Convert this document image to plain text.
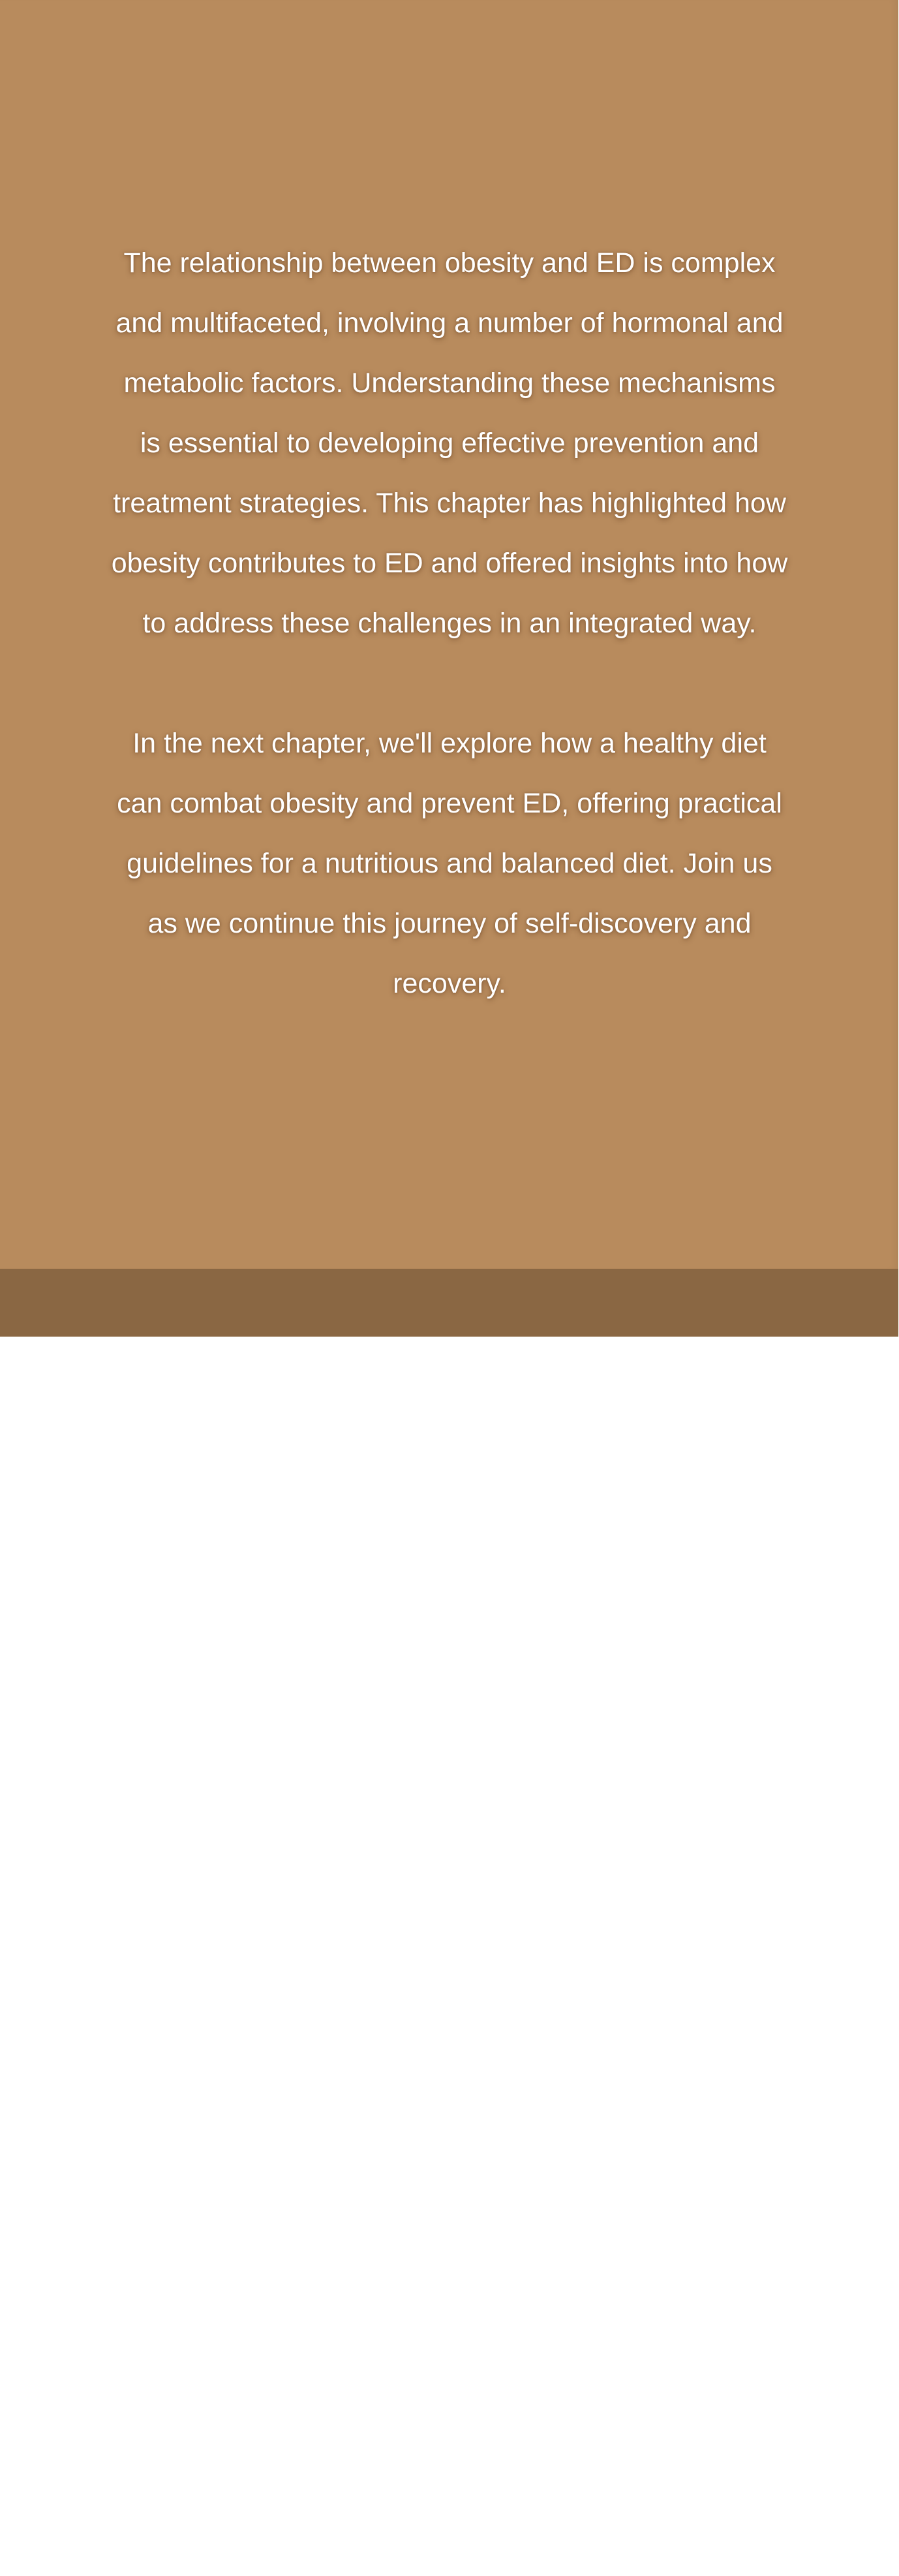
The relationship between obesity and ED is complex and multifaceted, involving a number of hormonal and metabolic factors. Understanding these mechanisms is essential to developing effective prevention and treatment strategies. This chapter has highlighted how obesity contributes to ED and offered insights into how to address these challenges in an integrated way.

In the next chapter, we'll explore how a healthy diet can combat obesity and prevent ED, offering practical guidelines for a nutritious and balanced diet. Join us as we continue this journey of self-discovery and recovery.

43
